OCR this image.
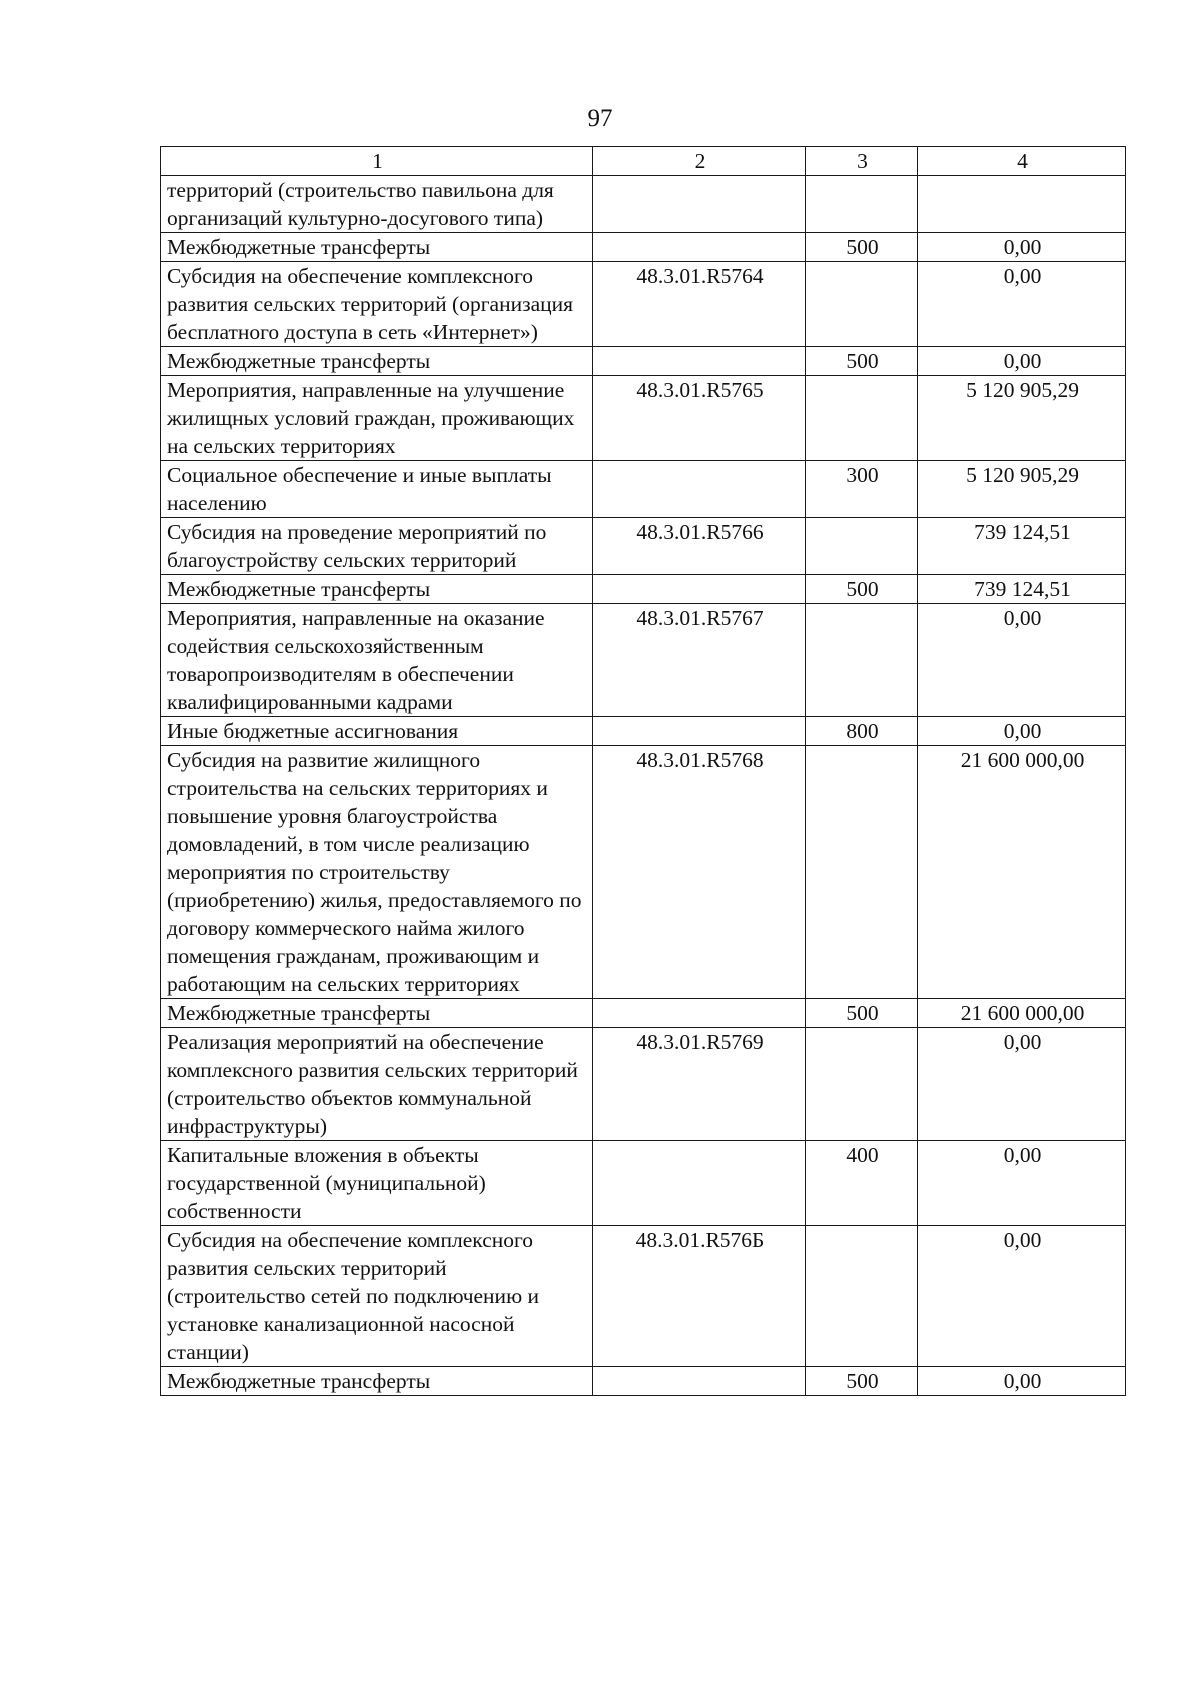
97
1	2	3	4
территорий (строительство павильона для организаций культурно-досугового типа)			
Межбюджетные трансферты		500	0,00
Субсидия на обеспечение комплексного развития сельских территорий (организация бесплатного доступа в сеть «Интернет»)	48.3.01.R5764		0,00
Межбюджетные трансферты		500	0,00
Мероприятия, направленные на улучшение жилищных условий граждан, проживающих на сельских территориях	48.3.01.R5765		5 120 905,29
Социальное обеспечение и иные выплаты населению		300	5 120 905,29
Субсидия на проведение мероприятий по благоустройству сельских территорий	48.3.01.R5766		739 124,51
Межбюджетные трансферты		500	739 124,51
Мероприятия, направленные на оказание содействия сельскохозяйственным товаропроизводителям в обеспечении квалифицированными кадрами	48.3.01.R5767		0,00
Иные бюджетные ассигнования		800	0,00
Субсидия на развитие жилищного строительства на сельских территориях и повышение уровня благоустройства домовладений, в том числе реализацию мероприятия по строительству (приобретению) жилья, предоставляемого по договору коммерческого найма жилого помещения гражданам, проживающим и работающим на сельских территориях	48.3.01.R5768		21 600 000,00
Межбюджетные трансферты		500	21 600 000,00
Реализация мероприятий на обеспечение комплексного развития сельских территорий (строительство объектов коммунальной инфраструктуры)	48.3.01.R5769		0,00
Капитальные вложения в объекты государственной (муниципальной) собственности		400	0,00
Субсидия на обеспечение комплексного развития сельских территорий (строительство сетей по подключению и установке канализационной насосной станции)	48.3.01.R576Б		0,00
Межбюджетные трансферты		500	0,00
